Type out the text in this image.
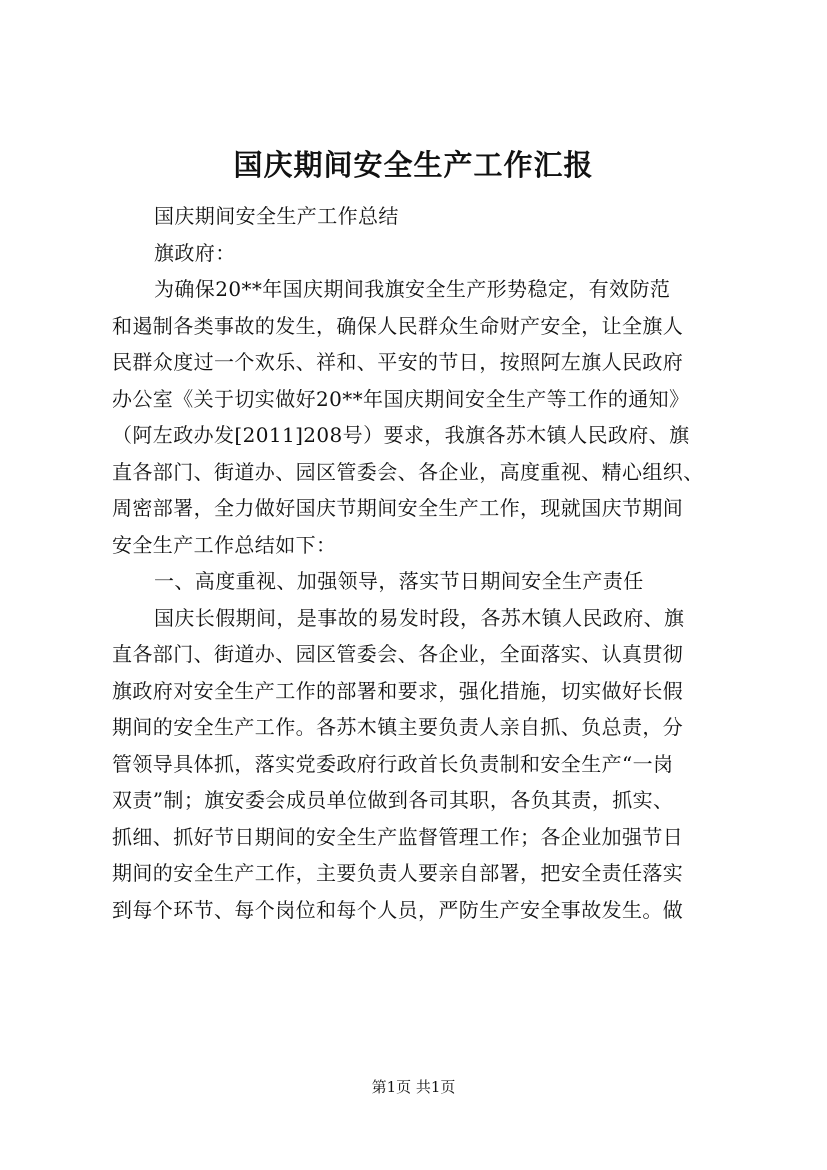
国庆期间安全生产工作汇报
国庆期间安全生产工作总结
旗政府：
为确保20**年国庆期间我旗安全生产形势稳定，有效防范
和遏制各类事故的发生，确保人民群众生命财产安全，让全旗人
民群众度过一个欢乐、祥和、平安的节日，按照阿左旗人民政府
办公室《关于切实做好20**年国庆期间安全生产等工作的通知》
（阿左政办发[2011]208号）要求，我旗各苏木镇人民政府、旗
直各部门、街道办、园区管委会、各企业，高度重视、精心组织、
周密部署，全力做好国庆节期间安全生产工作，现就国庆节期间
安全生产工作总结如下：
一、高度重视、加强领导，落实节日期间安全生产责任
国庆长假期间，是事故的易发时段，各苏木镇人民政府、旗
直各部门、街道办、园区管委会、各企业，全面落实、认真贯彻
旗政府对安全生产工作的部署和要求，强化措施，切实做好长假
期间的安全生产工作。各苏木镇主要负责人亲自抓、负总责，分
管领导具体抓，落实党委政府行政首长负责制和安全生产“一岗
双责”制；旗安委会成员单位做到各司其职，各负其责，抓实、
抓细、抓好节日期间的安全生产监督管理工作；各企业加强节日
期间的安全生产工作，主要负责人要亲自部署，把安全责任落实
到每个环节、每个岗位和每个人员，严防生产安全事故发生。做
第1页 共1页
